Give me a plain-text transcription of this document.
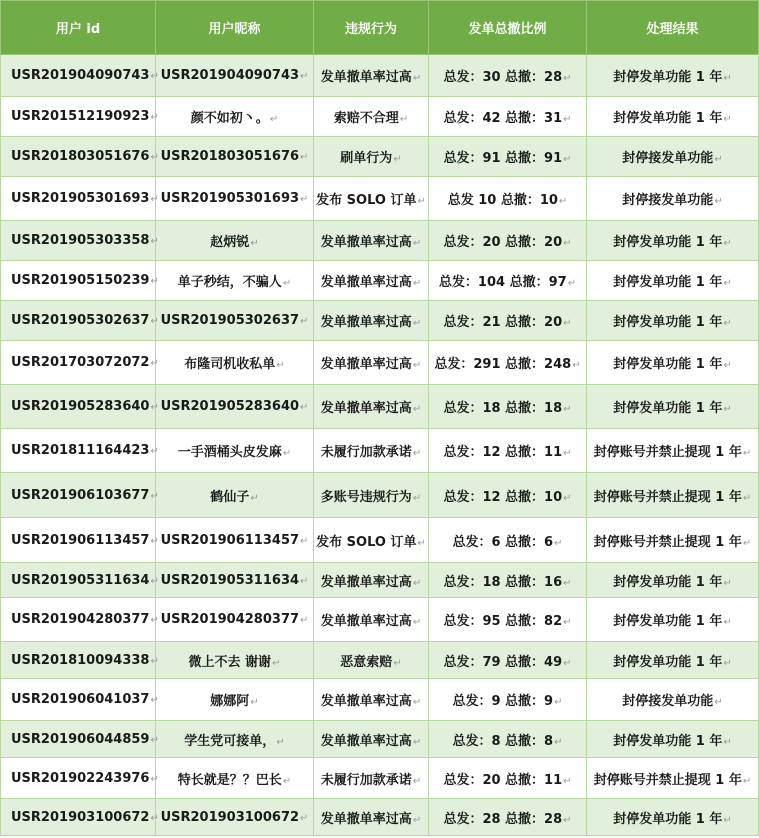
用户 id	用户昵称	违规行为	发单总撤比例	处理结果
USR201904090743↵	USR201904090743↵	发单撤单率过高↵	总发：30 总撤：28↵	封停发单功能 1 年↵
USR201512190923↵	颜不如初丶。↵	索赔不合理↵	总发：42 总撤：31↵	封停发单功能 1 年↵
USR201803051676↵	USR201803051676↵	刷单行为↵	总发：91 总撤：91↵	封停接发单功能↵
USR201905301693↵	USR201905301693↵	发布 SOLO 订单↵	总发 10 总撤：10↵	封停接发单功能↵
USR201905303358↵	赵炳锐↵	发单撤单率过高↵	总发：20 总撤：20↵	封停发单功能 1 年↵
USR201905150239↵	单子秒结，不骗人↵	发单撤单率过高↵	总发：104 总撤：97↵	封停发单功能 1 年↵
USR201905302637↵	USR201905302637↵	发单撤单率过高↵	总发：21 总撤：20↵	封停发单功能 1 年↵
USR201703072072↵	布隆司机收私单↵	发单撤单率过高↵	总发：291 总撤：248↵	封停发单功能 1 年↵
USR201905283640↵	USR201905283640↵	发单撤单率过高↵	总发：18 总撤：18↵	封停发单功能 1 年↵
USR201811164423↵	一手酒桶头皮发麻↵	未履行加款承诺↵	总发：12 总撤：11↵	封停账号并禁止提现 1 年↵
USR201906103677↵	鹤仙子↵	多账号违规行为↵	总发：12 总撤：10↵	封停账号并禁止提现 1 年↵
USR201906113457↵	USR201906113457↵	发布 SOLO 订单↵	总发：6 总撤：6↵	封停账号并禁止提现 1 年↵
USR201905311634↵	USR201905311634↵	发单撤单率过高↵	总发：18 总撤：16↵	封停发单功能 1 年↵
USR201904280377↵	USR201904280377↵	发单撤单率过高↵	总发：95 总撤：82↵	封停发单功能 1 年↵
USR201810094338↵	微上不去 谢谢↵	恶意索赔↵	总发：79 总撤：49↵	封停发单功能 1 年↵
USR201906041037↵	娜娜阿↵	发单撤单率过高↵	总发：9 总撤：9↵	封停接发单功能↵
USR201906044859↵	学生党可接单，↵	发单撤单率过高↵	总发：8 总撤：8↵	封停发单功能 1 年↵
USR201902243976↵	特长就是？？巴长↵	未履行加款承诺↵	总发：20 总撤：11↵	封停账号并禁止提现 1 年↵
USR201903100672↵	USR201903100672↵	发单撤单率过高↵	总发：28 总撤：28↵	封停发单功能 1 年↵
